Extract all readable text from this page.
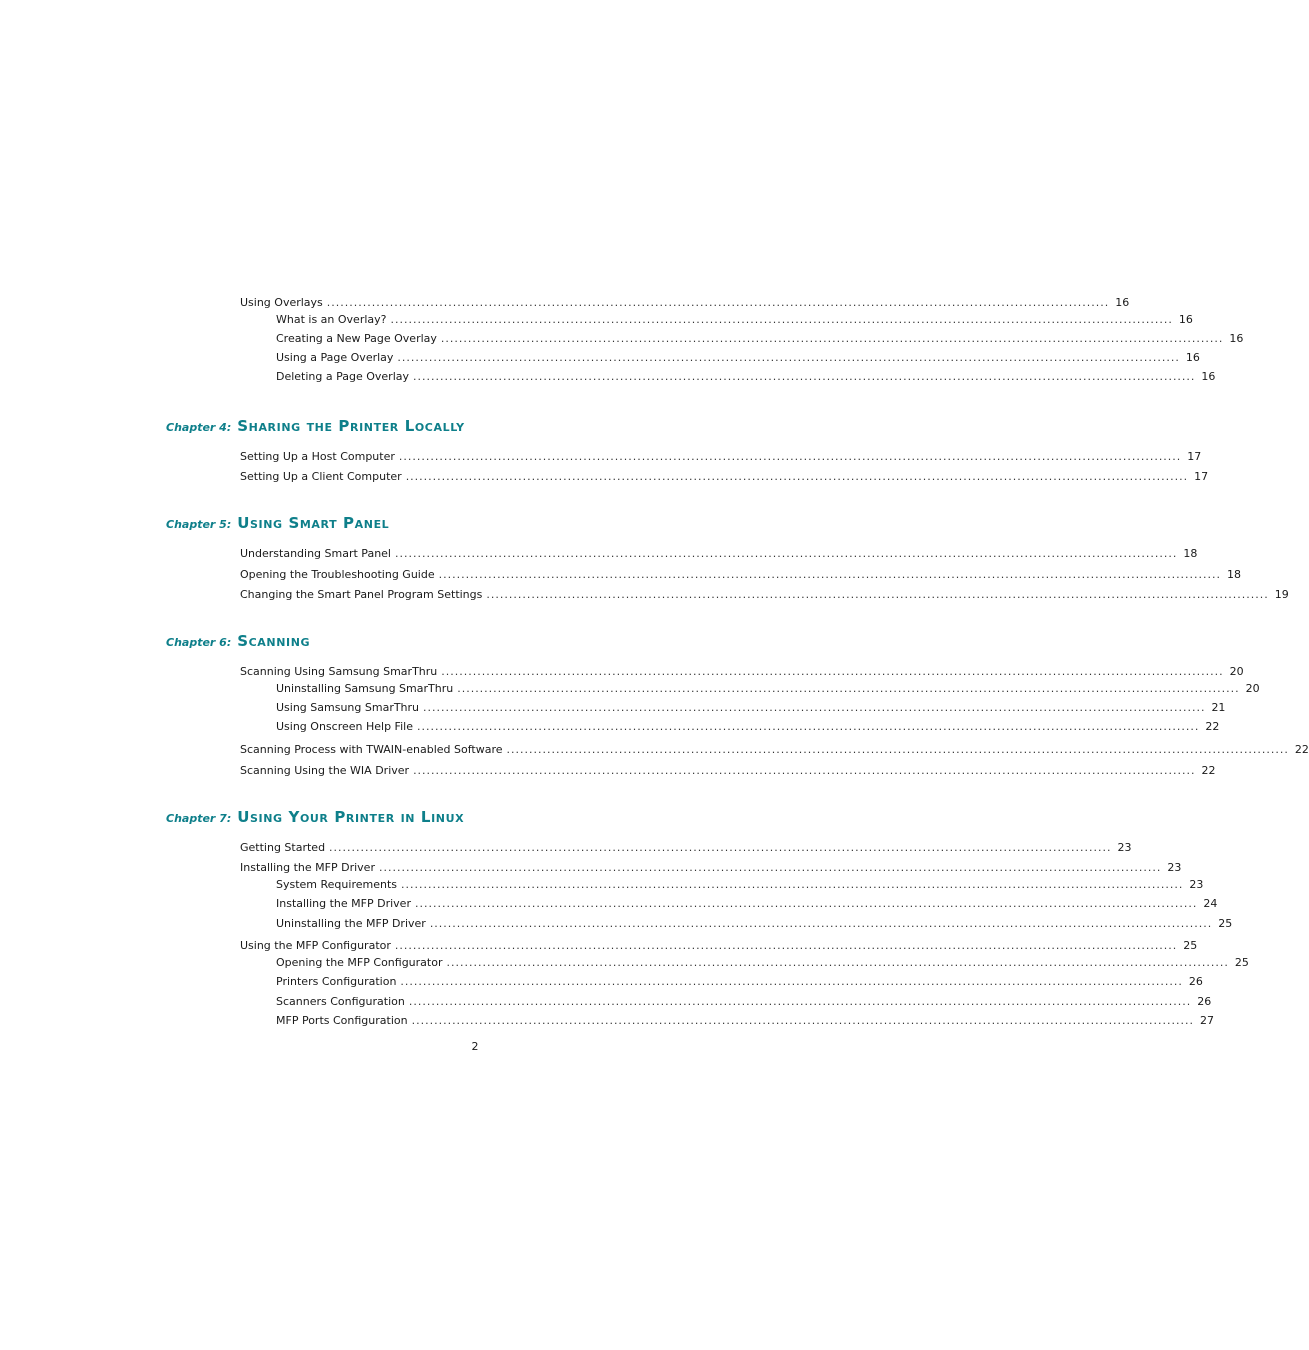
Using Overlays .............................................................................................................................................................................. 16
What is an Overlay? .............................................................................................................................................................................. 16
Creating a New Page Overlay .............................................................................................................................................................................. 16
Using a Page Overlay .............................................................................................................................................................................. 16
Deleting a Page Overlay .............................................................................................................................................................................. 16
Chapter 4: Sharing the Printer Locally
Setting Up a Host Computer .............................................................................................................................................................................. 17
Setting Up a Client Computer .............................................................................................................................................................................. 17
Chapter 5: Using Smart Panel
Understanding Smart Panel .............................................................................................................................................................................. 18
Opening the Troubleshooting Guide .............................................................................................................................................................................. 18
Changing the Smart Panel Program Settings .............................................................................................................................................................................. 19
Chapter 6: Scanning
Scanning Using Samsung SmarThru .............................................................................................................................................................................. 20
Uninstalling Samsung SmarThru .............................................................................................................................................................................. 20
Using Samsung SmarThru .............................................................................................................................................................................. 21
Using Onscreen Help File .............................................................................................................................................................................. 22
Scanning Process with TWAIN-enabled Software .............................................................................................................................................................................. 22
Scanning Using the WIA Driver .............................................................................................................................................................................. 22
Chapter 7: Using Your Printer in Linux
Getting Started .............................................................................................................................................................................. 23
Installing the MFP Driver .............................................................................................................................................................................. 23
System Requirements .............................................................................................................................................................................. 23
Installing the MFP Driver .............................................................................................................................................................................. 24
Uninstalling the MFP Driver .............................................................................................................................................................................. 25
Using the MFP Configurator .............................................................................................................................................................................. 25
Opening the MFP Configurator .............................................................................................................................................................................. 25
Printers Configuration .............................................................................................................................................................................. 26
Scanners Configuration .............................................................................................................................................................................. 26
MFP Ports Configuration .............................................................................................................................................................................. 27
2
